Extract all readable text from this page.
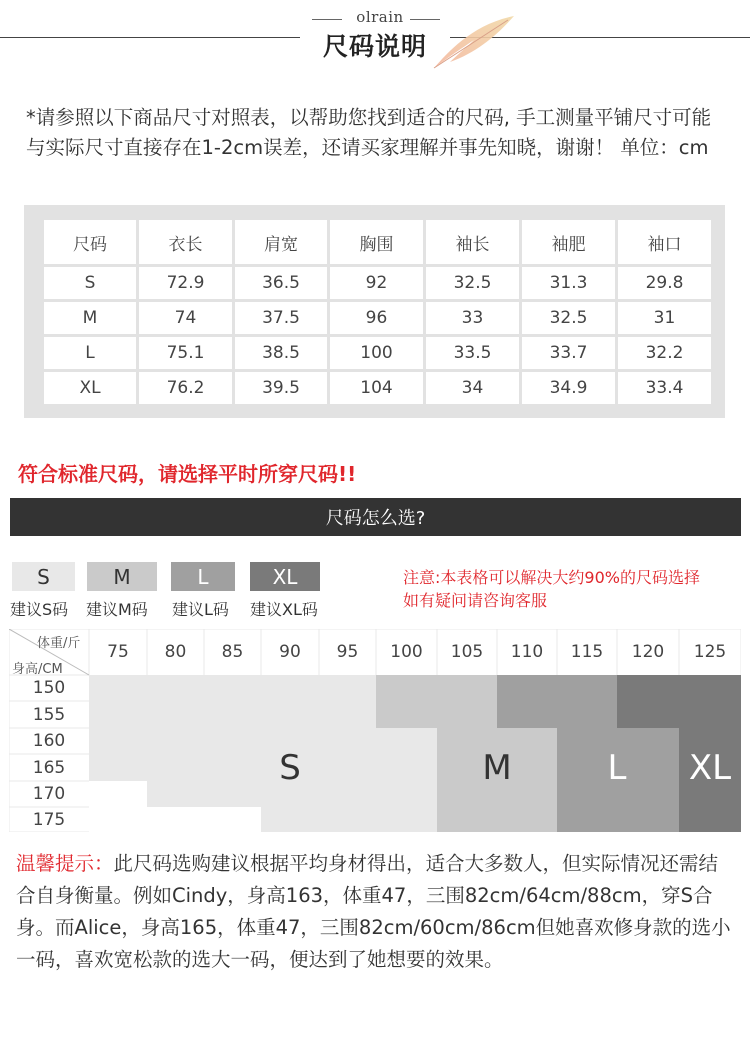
olrain
尺码说明
*请参照以下商品尺寸对照表，以帮助您找到适合的尺码, 手工测量平铺尺寸可能与实际尺寸直接存在1-2cm误差，还请买家理解并事先知晓，谢谢！ 单位：cm
尺码	衣长	肩宽	胸围	袖长	袖肥	袖口
S	72.9	36.5	92	32.5	31.3	29.8
M	74	37.5	96	33	32.5	31
L	75.1	38.5	100	33.5	33.7	32.2
XL	76.2	39.5	104	34	34.9	33.4
符合标准尺码，请选择平时所穿尺码!!
尺码怎么选?
S
建议S码
M
建议M码
L
建议L码
XL
建议XL码
注意:本表格可以解决大约90%的尺码选择
如有疑问请咨询客服
体重/斤
身高/CM
75	80	85	90	95	100	105	110	115	120	125
150
155
160
165
170
175
S	M	L	XL
温馨提示：此尺码选购建议根据平均身材得出，适合大多数人，但实际情况还需结合自身衡量。例如Cindy，身高163，体重47，三围82cm/64cm/88cm，穿S合身。而Alice，身高165，体重47，三围82cm/60cm/86cm但她喜欢修身款的选小一码，喜欢宽松款的选大一码，便达到了她想要的效果。
